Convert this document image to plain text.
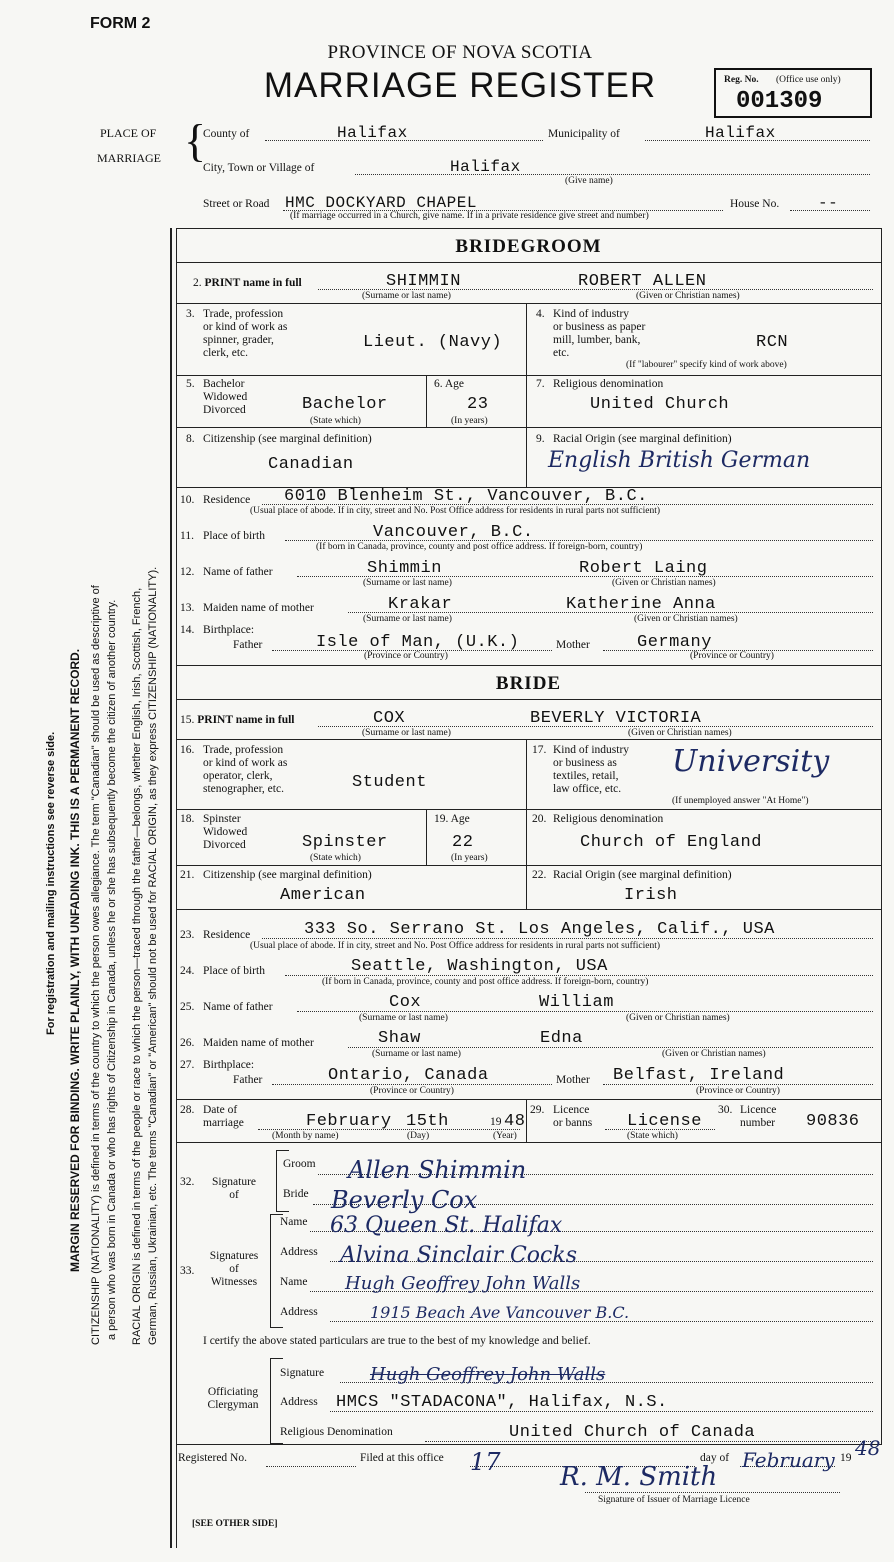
FORM 2
PROVINCE OF NOVA SCOTIA
MARRIAGE REGISTER	Reg. No. (Office use only)
001309
PLACE OF
MARRIAGE {
County of	Halifax	Municipality of	Halifax
City, Town or Village of	Halifax
(Give name)
Street or Road HMC DOCKYARD CHAPEL	House No.	--
(If marriage occurred in a Church, give name. If in a private residence give street and number)
MARGIN RESERVED FOR BINDING. WRITE PLAINLY, WITH UNFADING INK. THIS IS A PERMANENT RECORD.
For registration and mailing instructions see reverse side.	CITIZENSHIP (NATIONALITY) is defined in terms of the country to which the person owes allegiance. The term "Canadian" should be used as descriptive of a person who was born in Canada or who has rights of Citizenship in Canada, unless he or she has subsequently become the citizen of another country. RACIAL ORIGIN is defined in terms of the people or race to which the person—traced through the father—belongs, whether English, Irish, Scottish, French, German, Russian, Ukrainian, etc. The terms "Canadian" or "American" should not be used for RACIAL ORIGIN, as they express CITIZENSHIP (NATIONALITY).
BRIDEGROOM
2. PRINT name in full	SHIMMIN	ROBERT ALLEN
(Surname or last name)	(Given or Christian names)
3. Trade, profession
or kind of work as
spinner, grader,
clerk, etc.
Lieut. (Navy)
4. Kind of industry
or business as paper
mill, lumber, bank,
etc.
RCN
(If "labourer" specify kind of work above)
5. Bachelor
Widowed
Divorced	Bachelor
(State which)
6. Age
23
(In years)
7. Religious denomination
United Church
8. Citizenship (see marginal definition)
Canadian
9. Racial Origin (see marginal definition)
English British German
10. Residence	6010 Blenheim St., Vancouver, B.C.
(Usual place of abode. If in city, street and No. Post Office address for residents in rural parts not sufficient)
11. Place of birth	Vancouver, B.C.
(If born in Canada, province, county and post office address. If foreign-born, country)
12. Name of father	Shimmin	Robert Laing
(Surname or last name)	(Given or Christian names)
13. Maiden name of mother	Krakar	Katherine Anna
(Surname or last name)	(Given or Christian names)
14. Birthplace:
Father	Isle of Man, (U.K.)	Mother	Germany
(Province or Country)	(Province or Country)
BRIDE
15. PRINT name in full	COX	BEVERLY VICTORIA
(Surname or last name)	(Given or Christian names)
16. Trade, profession
or kind of work as
operator, clerk,
stenographer, etc.	Student
17. Kind of industry
or business as
textiles, retail,
law office, etc.
University
(If unemployed answer "At Home")
18. Spinster
Widowed
Divorced	Spinster
(State which)
19. Age
22
(In years)
20. Religious denomination
Church of England
21. Citizenship (see marginal definition)
American
22. Racial Origin (see marginal definition)
Irish
23. Residence	333 So. Serrano St. Los Angeles, Calif., USA
(Usual place of abode. If in city, street and No. Post Office address for residents in rural parts not sufficient)
24. Place of birth	Seattle, Washington, USA
(If born in Canada, province, county and post office address. If foreign-born, country)
25. Name of father	Cox	William
(Surname or last name)	(Given or Christian names)
26. Maiden name of mother	Shaw	Edna
(Surname or last name)	(Given or Christian names)
27. Birthplace:
Father	Ontario, Canada	Mother	Belfast, Ireland
(Province or Country)	(Province or Country)
28. Date of
marriage	February 15th	19 48
(Month by name)	(Day)	(Year)
29. Licence
or banns	License
(State which)
30. Licence
number 90836
32.	Signature
of
Groom	Allen Shimmin
Bride Beverly Cox
33.
Signatures
of
Witnesses
Name	63 Queen St. Halifax
Address	Alvina Sinclair Cocks
Name	Hugh Geoffrey John Walls
Address	1915 Beach Ave Vancouver B.C.
I certify the above stated particulars are true to the best of my knowledge and belief.
Officiating
Clergyman
Signature	Hugh Geoffrey John Walls
Address	HMCS "STADACONA", Halifax, N.S.
Religious Denomination	United Church of Canada
Registered No.	Filed at this office 17	day of February 19 48
R. M. Smith
Signature of Issuer of Marriage Licence
[SEE OTHER SIDE]
